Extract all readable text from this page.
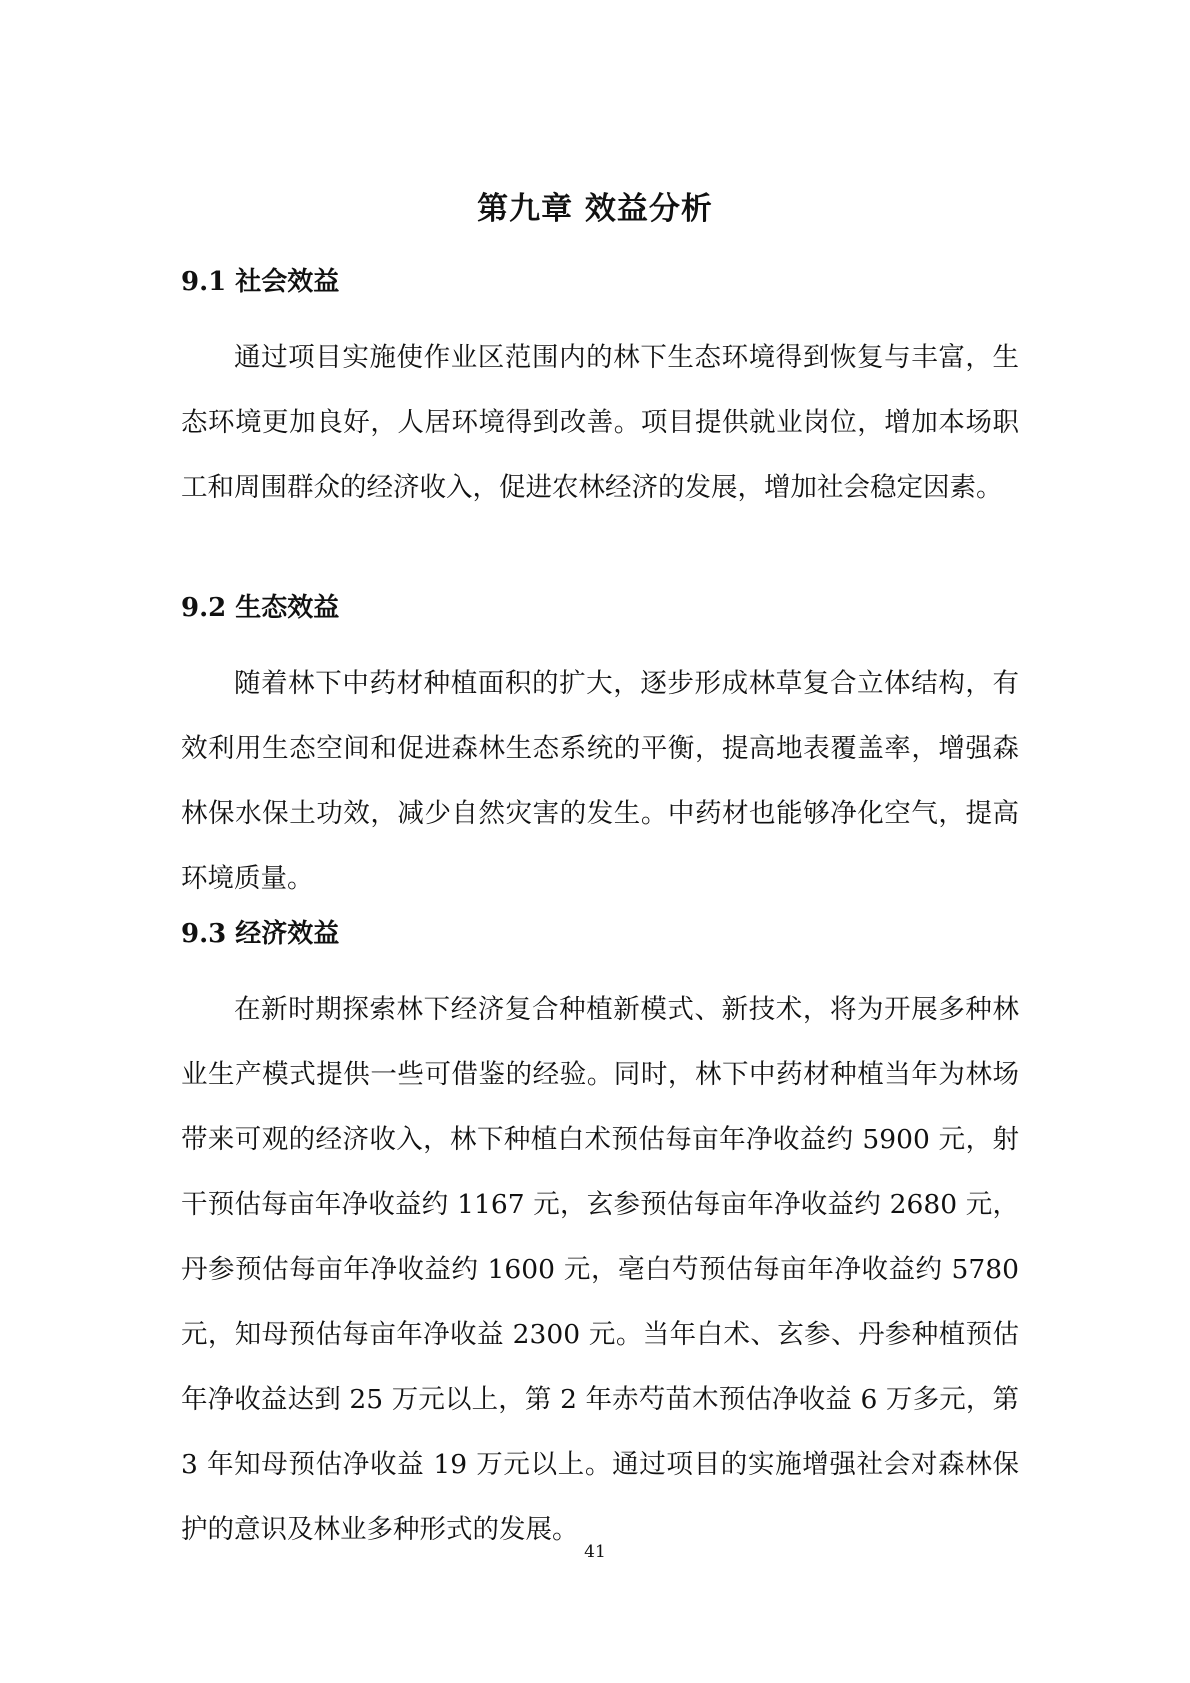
第九章 效益分析
9.1 社会效益

通过项目实施使作业区范围内的林下生态环境得到恢复与丰富，生态环境更加良好，人居环境得到改善。项目提供就业岗位，增加本场职工和周围群众的经济收入，促进农林经济的发展，增加社会稳定因素。

9.2 生态效益

随着林下中药材种植面积的扩大，逐步形成林草复合立体结构，有效利用生态空间和促进森林生态系统的平衡，提高地表覆盖率，增强森林保水保土功效，减少自然灾害的发生。中药材也能够净化空气，提高环境质量。

9.3 经济效益

在新时期探索林下经济复合种植新模式、新技术，将为开展多种林业生产模式提供一些可借鉴的经验。同时，林下中药材种植当年为林场带来可观的经济收入，林下种植白术预估每亩年净收益约 5900 元，射干预估每亩年净收益约 1167 元，玄参预估每亩年净收益约 2680 元，丹参预估每亩年净收益约 1600 元，亳白芍预估每亩年净收益约 5780 元，知母预估每亩年净收益 2300 元。当年白术、玄参、丹参种植预估年净收益达到 25 万元以上，第 2 年赤芍苗木预估净收益 6 万多元，第 3 年知母预估净收益 19 万元以上。通过项目的实施增强社会对森林保护的意识及林业多种形式的发展。

41
